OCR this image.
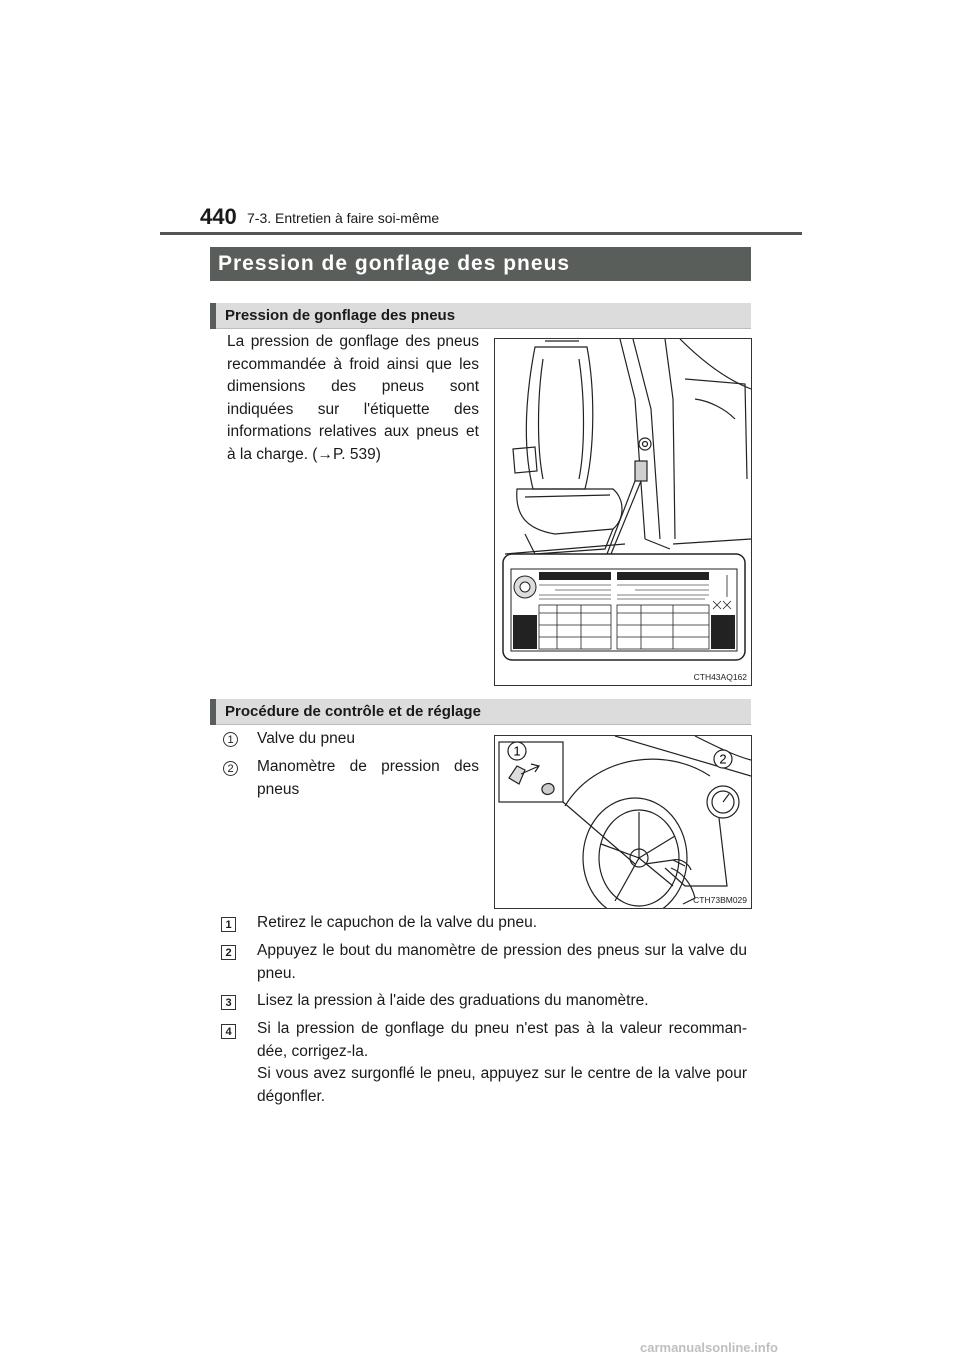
440 7-3. Entretien à faire soi-même
Pression de gonflage des pneus
Pression de gonflage des pneus
La pression de gonflage des pneus recommandée à froid ainsi que les dimensions des pneus sont indiquées sur l'étiquette des informations relatives aux pneus et à la charge. (→P. 539)
CTH43AQ162
Procédure de contrôle et de réglage
1 Valve du pneu
2 Manomètre de pression des pneus
1
2
CTH73BM029
1 Retirez le capuchon de la valve du pneu.
2 Appuyez le bout du manomètre de pression des pneus sur la valve du pneu.
3 Lisez la pression à l'aide des graduations du manomètre.
4 Si la pression de gonflage du pneu n'est pas à la valeur recomman-dée, corrigez-la.
Si vous avez surgonflé le pneu, appuyez sur le centre de la valve pour dégonfler.
carmanualsonline.info
